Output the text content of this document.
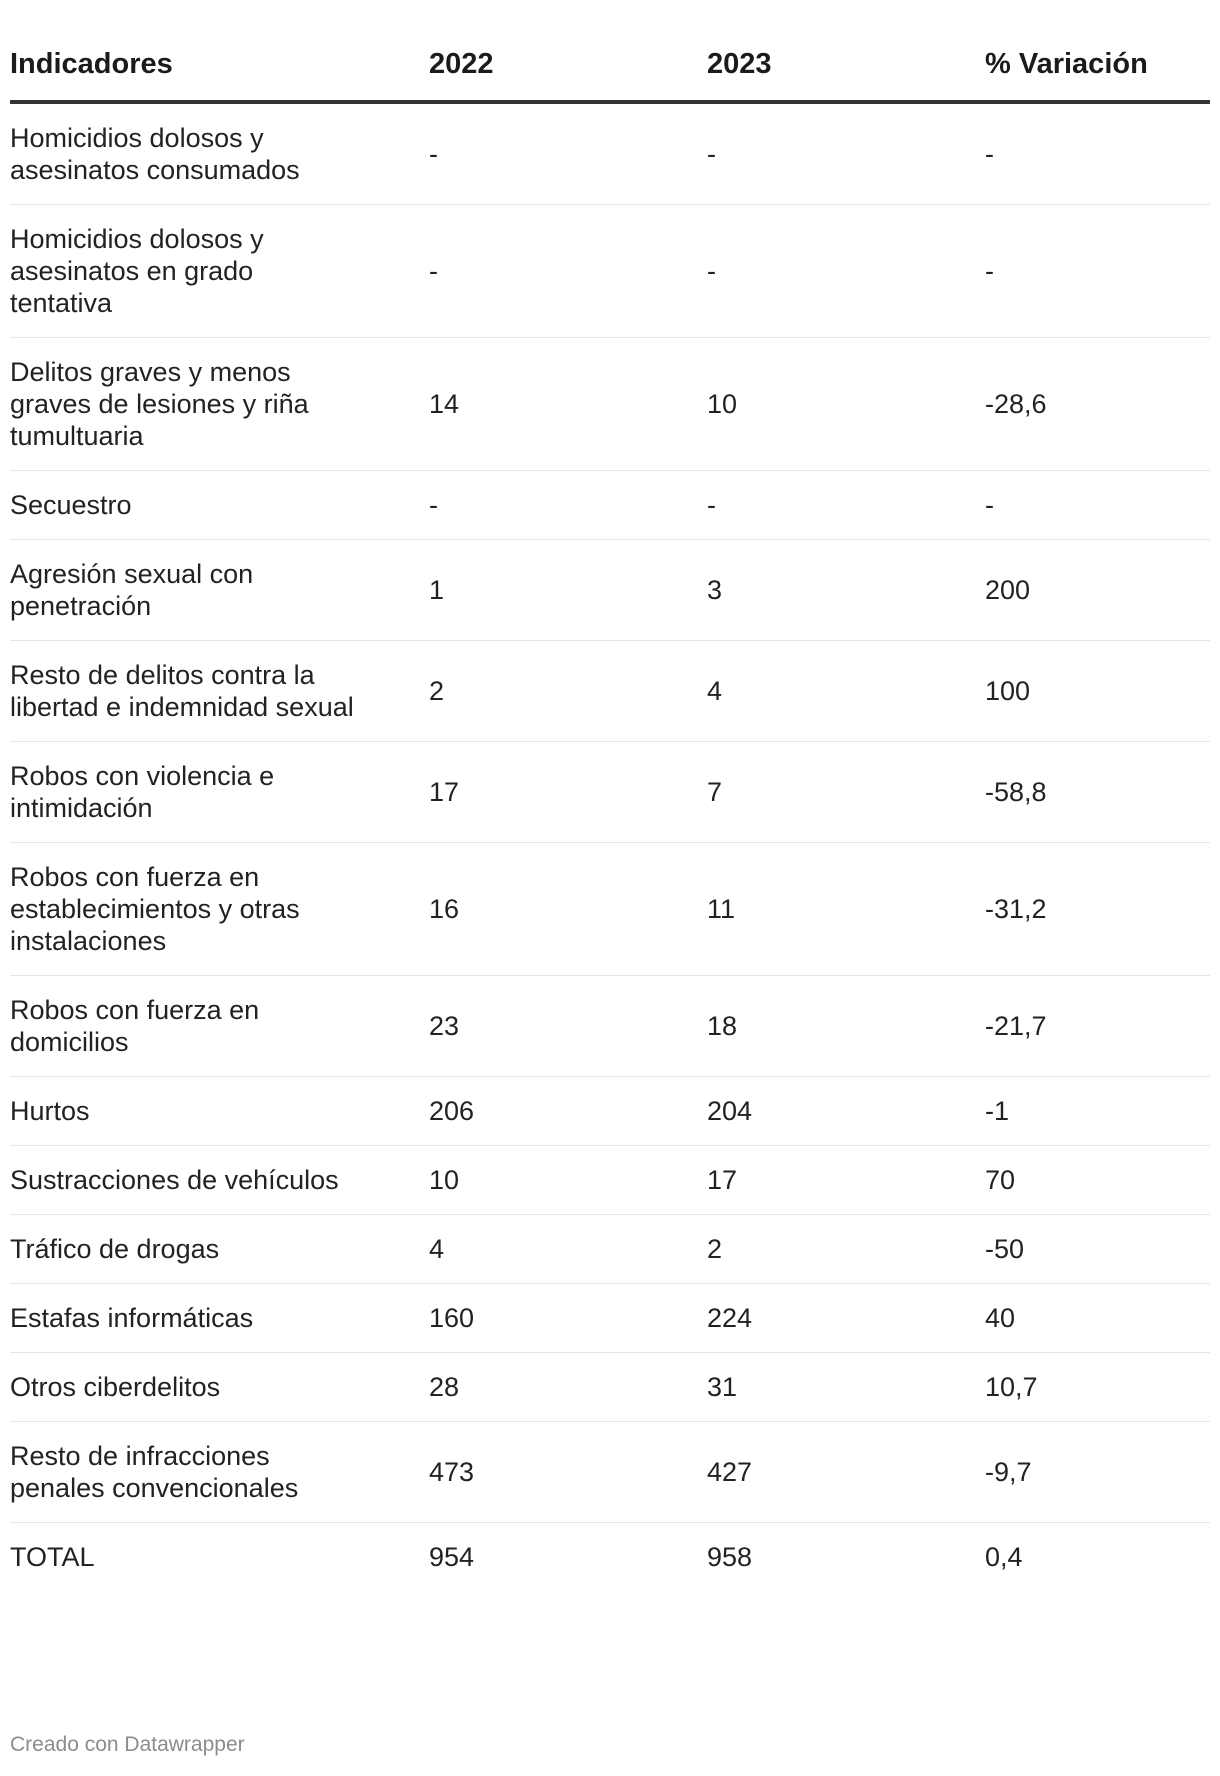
Indicadores	2022	2023	% Variación
Homicidios dolosos y asesinatos consumados	-	-	-
Homicidios dolosos y asesinatos en grado tentativa	-	-	-
Delitos graves y menos graves de lesiones y riña tumultuaria	14	10	-28,6
Secuestro	-	-	-
Agresión sexual con penetración	1	3	200
Resto de delitos contra la libertad e indemnidad sexual	2	4	100
Robos con violencia e intimidación	17	7	-58,8
Robos con fuerza en establecimientos y otras instalaciones	16	11	-31,2
Robos con fuerza en domicilios	23	18	-21,7
Hurtos	206	204	-1
Sustracciones de vehículos	10	17	70
Tráfico de drogas	4	2	-50
Estafas informáticas	160	224	40
Otros ciberdelitos	28	31	10,7
Resto de infracciones penales convencionales	473	427	-9,7
TOTAL	954	958	0,4
Creado con Datawrapper
